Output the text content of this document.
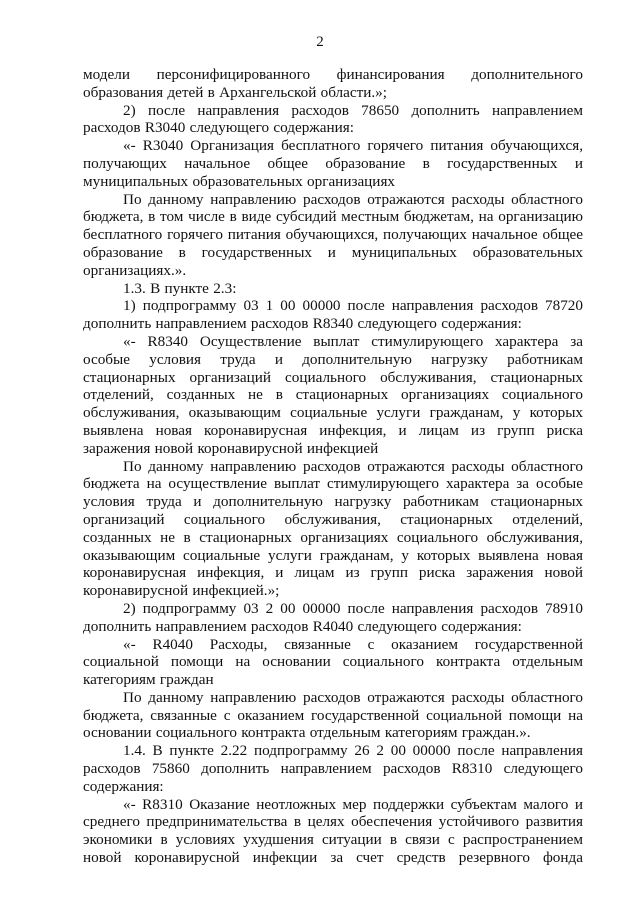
2

модели персонифицированного финансирования дополнительного образования детей в Архангельской области.»;

2) после направления расходов 78650 дополнить направлением расходов R3040 следующего содержания:

«- R3040 Организация бесплатного горячего питания обучающихся, получающих начальное общее образование в государственных и муниципальных образовательных организациях

По данному направлению расходов отражаются расходы областного бюджета, в том числе в виде субсидий местным бюджетам, на организацию бесплатного горячего питания обучающихся, получающих начальное общее образование в государственных и муниципальных образовательных организациях.».

1.3. В пункте 2.3:

1) подпрограмму 03 1 00 00000 после направления расходов 78720 дополнить направлением расходов R8340 следующего содержания:

«- R8340 Осуществление выплат стимулирующего характера за особые условия труда и дополнительную нагрузку работникам стационарных организаций социального обслуживания, стационарных отделений, созданных не в стационарных организациях социального обслуживания, оказывающим социальные услуги гражданам, у которых выявлена новая коронавирусная инфекция, и лицам из групп риска заражения новой коронавирусной инфекцией

По данному направлению расходов отражаются расходы областного бюджета на осуществление выплат стимулирующего характера за особые условия труда и дополнительную нагрузку работникам стационарных организаций социального обслуживания, стационарных отделений, созданных не в стационарных организациях социального обслуживания, оказывающим социальные услуги гражданам, у которых выявлена новая коронавирусная инфекция, и лицам из групп риска заражения новой коронавирусной инфекцией.»;

2) подпрограмму 03 2 00 00000 после направления расходов 78910 дополнить направлением расходов R4040 следующего содержания:

«- R4040 Расходы, связанные с оказанием государственной социальной помощи на основании социального контракта отдельным категориям граждан

По данному направлению расходов отражаются расходы областного бюджета, связанные с оказанием государственной социальной помощи на основании социального контракта отдельным категориям граждан.».

1.4. В пункте 2.22 подпрограмму 26 2 00 00000 после направления расходов 75860 дополнить направлением расходов R8310 следующего содержания:

«- R8310 Оказание неотложных мер поддержки субъектам малого и среднего предпринимательства в целях обеспечения устойчивого развития экономики в условиях ухудшения ситуации в связи с распространением новой коронавирусной инфекции за счет средств резервного фонда
